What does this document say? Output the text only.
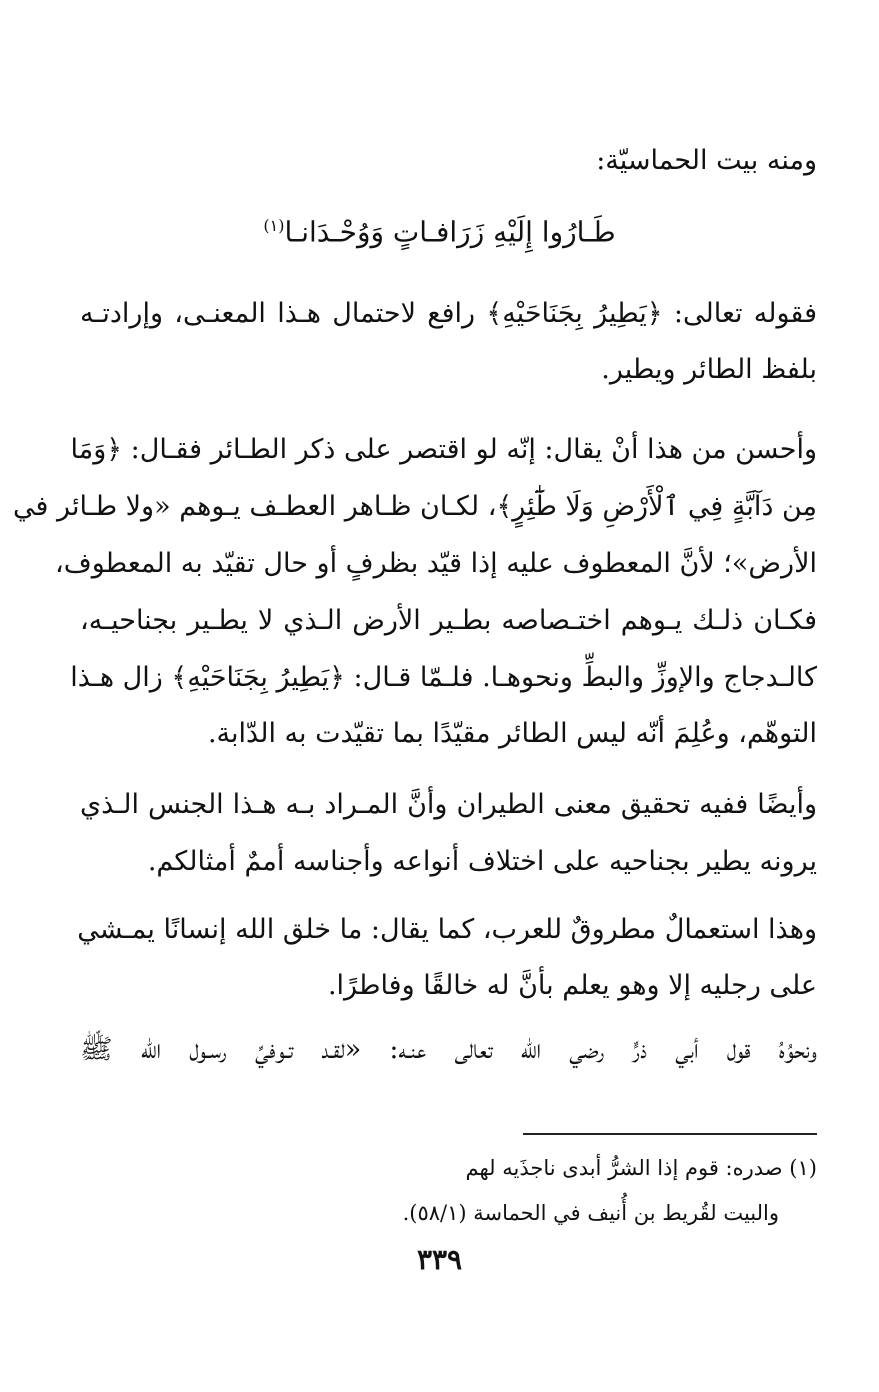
ومنه بيت الحماسيّة:
طَـارُوا إِلَيْهِ زَرَافـاتٍ وَوُحْـدَانـا$^{(١)}$
فقوله تعالى: ﴿يَطِيرُ بِجَنَاحَيْهِ﴾ رافع لاحتمال هـذا المعنـى، وإرادتـه
بلفظ الطائر ويطير.
وأحسن من هذا أنْ يقال: إنّه لو اقتصر على ذكر الطـائر فقـال: ﴿وَمَا
مِن دَآبَّةٍ فِي ٱلْأَرْضِ وَلَا طَٰٓئِرٍ﴾، لكـان ظـاهر العطـف يـوهم «ولا طـائر في
الأرض»؛ لأنَّ المعطوف عليه إذا قيّد بظرفٍ أو حال تقيّد به المعطوف،
فكـان ذلـك يـوهم اختـصاصه بطـير الأرض الـذي لا يطـير بجناحيـه،
كالـدجاج والإوزِّ والبطِّ ونحوهـا. فلـمّا قـال: ﴿يَطِيرُ بِجَنَاحَيْهِ﴾ زال هـذا
التوهّم، وعُلِمَ أنّه ليس الطائر مقيّدًا بما تقيّدت به الدّابة.
وأيضًا ففيه تحقيق معنى الطيران وأنَّ المـراد بـه هـذا الجنس الـذي
يرونه يطير بجناحيه على اختلاف أنواعه وأجناسه أممٌ أمثالكم.
وهذا استعمالٌ مطروقٌ للعرب، كما يقال: ما خلق الله إنسانًا يمـشي
على رجليه إلا وهو يعلم بأنَّ له خالقًا وفاطرًا.
ونحوُهُ قول أبي ذرٍّ رضي الله تعالى عنـه: «لقـد تـوفيِّ رسـول الله ﷺ
(١) صدره: قوم إذا الشرُّ أبدى ناجذَيه لهم
والبيت لقُريط بن أُنيف في الحماسة (٥٨/١).
٣٣٩
